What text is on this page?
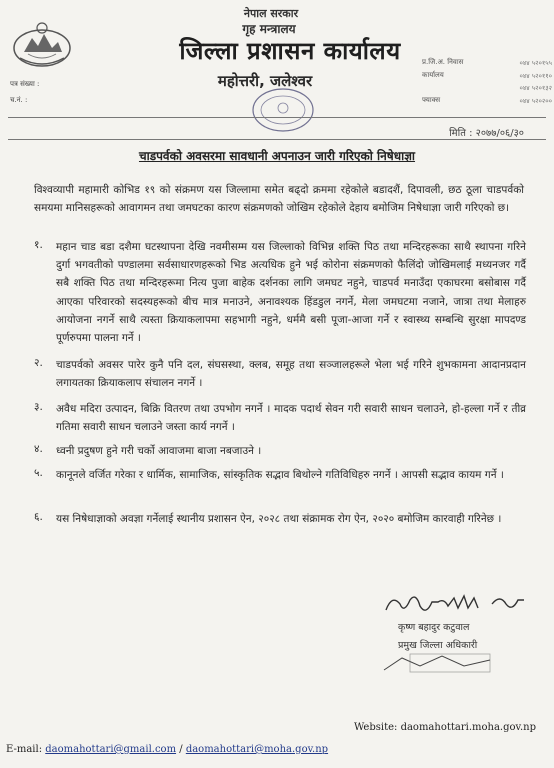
नेपाल सरकार
गृह मन्त्रालय
जिल्ला प्रशासन कार्यालय
महोत्तरी, जलेश्वर
प्र.जि.अ. निवास	०४४ ५२०१५५
कार्यालय	०४४ ५२०११०
०४४ ५२०१३२
फ्याक्स	०४४ ५२०२००
पत्र संख्या :
च.नं. :
मिति : २०७७/०६/३०
चाडपर्वको अवसरमा सावधानी अपनाउन जारी गरिएको निषेधाज्ञा
विश्वव्यापी महामारी कोभिड १९ को संक्रमण यस जिल्लामा समेत बढ्दो क्रममा रहेकोले बडादशैं, दिपावली, छठ ठूला चाडपर्वको समयमा मानिसहरूको आवागमन तथा जमघटका कारण संक्रमणको जोखिम रहेकोले देहाय बमोजिम निषेधाज्ञा जारी गरिएको छ।
१.	महान चाड बडा दशैमा घटस्थापना देखि नवमीसम्म यस जिल्लाको विभिन्न शक्ति पिठ तथा मन्दिरहरूका साथै स्थापना गरिने दुर्गा भगवतीको पण्डालमा सर्वसाधारणहरूको भिड अत्यधिक हुने भई कोरोना संक्रमणको फैलिंदो जोखिमलाई मध्यनजर गर्दै सबै शक्ति पिठ तथा मन्दिरहरूमा नित्य पुजा बाहेक दर्शनका लागि जमघट नहुने, चाडपर्व मनाउँदा एकाघरमा बसोबास गर्दै आएका परिवारको सदस्यहरूको बीच मात्र मनाउने, अनावश्यक हिंडडुल नगर्ने, मेला जमघटमा नजाने, जात्रा तथा मेलाहरु आयोजना नगर्ने साथै त्यस्ता क्रियाकलापमा सहभागी नहुने, धर्ममै बसी पूजा-आजा गर्ने र स्वास्थ्य सम्बन्धि सुरक्षा मापदण्ड पूर्णरुपमा पालना गर्ने ।
२.	चाडपर्वको अवसर पारेर कुनै पनि दल, संघसस्था, क्लब, समूह तथा सञ्जालहरूले भेला भई गरिने शुभकामना आदानप्रदान लगायतका क्रियाकलाप संचालन नगर्ने ।
३.	अवैध मदिरा उत्पादन, बिक्रि वितरण तथा उपभोग नगर्ने । मादक पदार्थ सेवन गरी सवारी साधन चलाउने, हो-हल्ला गर्ने र तीव्र गतिमा सवारी साधन चलाउने जस्ता कार्य नगर्ने ।
४.	ध्वनी प्रदुषण हुने गरी चर्को आवाजमा बाजा नबजाउने ।
५.	कानूनले वर्जित गरेका र धार्मिक, सामाजिक, सांस्कृतिक सद्भाव बिथोल्ने गतिविधिहरु नगर्ने । आपसी सद्भाव कायम गर्ने ।
६.	यस निषेधाज्ञाको अवज्ञा गर्नेलाई स्थानीय प्रशासन ऐन, २०२८ तथा संक्रामक रोग ऐन, २०२० बमोजिम कारवाही गरिनेछ ।
कृष्ण बहादुर कटुवाल
प्रमुख जिल्ला अधिकारी
Website: daomahottari.moha.gov.np
E-mail: daomahottari@gmail.com / daomahottari@moha.gov.np
